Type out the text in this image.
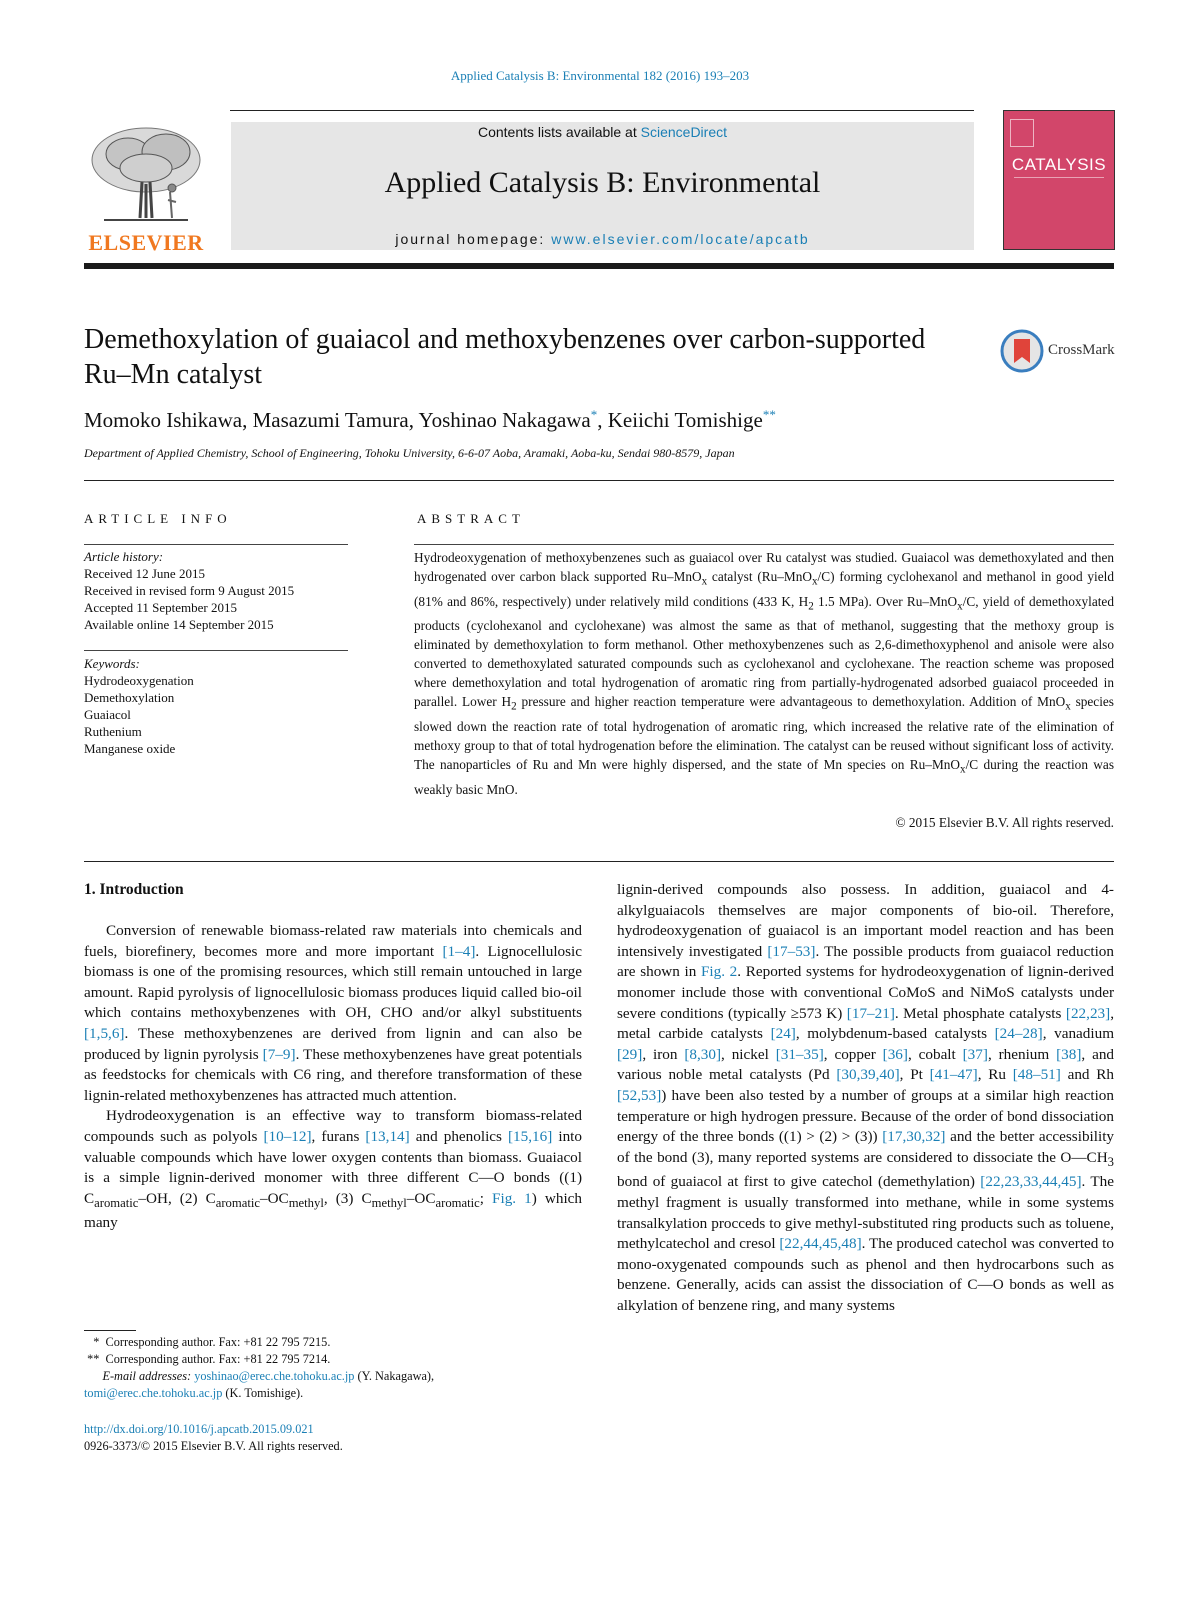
Applied Catalysis B: Environmental 182 (2016) 193–203
ELSEVIER
Contents lists available at ScienceDirect
Applied Catalysis B: Environmental
journal homepage: www.elsevier.com/locate/apcatb
CATALYSIS
Demethoxylation of guaiacol and methoxybenzenes over carbon-supported Ru–Mn catalyst
CrossMark
Momoko Ishikawa, Masazumi Tamura, Yoshinao Nakagawa*, Keiichi Tomishige**
Department of Applied Chemistry, School of Engineering, Tohoku University, 6-6-07 Aoba, Aramaki, Aoba-ku, Sendai 980-8579, Japan
ARTICLE INFO	ABSTRACT
Article history:
Received 12 June 2015
Received in revised form 9 August 2015
Accepted 11 September 2015
Available online 14 September 2015
Keywords:
Hydrodeoxygenation
Demethoxylation
Guaiacol
Ruthenium
Manganese oxide
Hydrodeoxygenation of methoxybenzenes such as guaiacol over Ru catalyst was studied. Guaiacol was demethoxylated and then hydrogenated over carbon black supported Ru–MnO$_x$ catalyst (Ru–MnO$_x$/C) forming cyclohexanol and methanol in good yield (81% and 86%, respectively) under relatively mild conditions (433 K, $H_2$ 1.5 MPa). Over Ru–MnO$_x$/C, yield of demethoxylated products (cyclohexanol and cyclohexane) was almost the same as that of methanol, suggesting that the methoxy group is eliminated by demethoxylation to form methanol. Other methoxybenzenes such as 2,6-dimethoxyphenol and anisole were also converted to demethoxylated saturated compounds such as cyclohexanol and cyclohexane. The reaction scheme was proposed where demethoxylation and total hydrogenation of aromatic ring from partially-hydrogenated adsorbed guaiacol proceeded in parallel. Lower $H_2$ pressure and higher reaction temperature were advantageous to demethoxylation. Addition of MnO$_x$ species slowed down the reaction rate of total hydrogenation of aromatic ring, which increased the relative rate of the elimination of methoxy group to that of total hydrogenation before the elimination. The catalyst can be reused without significant loss of activity. The nanoparticles of Ru and Mn were highly dispersed, and the state of Mn species on Ru–MnO$_x$/C during the reaction was weakly basic MnO.
© 2015 Elsevier B.V. All rights reserved.
1. Introduction

Conversion of renewable biomass-related raw materials into chemicals and fuels, biorefinery, becomes more and more important [1–4]. Lignocellulosic biomass is one of the promising resources, which still remain untouched in large amount. Rapid pyrolysis of lignocellulosic biomass produces liquid called bio-oil which contains methoxybenzenes with OH, CHO and/or alkyl substituents [1,5,6]. These methoxybenzenes are derived from lignin and can also be produced by lignin pyrolysis [7–9]. These methoxybenzenes have great potentials as feedstocks for chemicals with C6 ring, and therefore transformation of these lignin-related methoxybenzenes has attracted much attention.

Hydrodeoxygenation is an effective way to transform biomass-related compounds such as polyols [10–12], furans [13,14] and phenolics [15,16] into valuable compounds which have lower oxygen contents than biomass. Guaiacol is a simple lignin-derived monomer with three different C—O bonds ((1) $C_{aromatic}-OH$, (2) $C_{aromatic}-OC_{methyl}$, (3) $C_{methyl}-OC_{aromatic}$; Fig. 1) which many

lignin-derived compounds also possess. In addition, guaiacol and 4-alkylguaiacols themselves are major components of bio-oil. Therefore, hydrodeoxygenation of guaiacol is an important model reaction and has been intensively investigated [17–53]. The possible products from guaiacol reduction are shown in Fig. 2. Reported systems for hydrodeoxygenation of lignin-derived monomer include those with conventional CoMoS and NiMoS catalysts under severe conditions (typically ≥573 K) [17–21]. Metal phosphate catalysts [22,23], metal carbide catalysts [24], molybdenum-based catalysts [24–28], vanadium [29], iron [8,30], nickel [31–35], copper [36], cobalt [37], rhenium [38], and various noble metal catalysts (Pd [30,39,40], Pt [41–47], Ru [48–51] and Rh [52,53]) have been also tested by a number of groups at a similar high reaction temperature or high hydrogen pressure. Because of the order of bond dissociation energy of the three bonds ((1) > (2) > (3)) [17,30,32] and the better accessibility of the bond (3), many reported systems are considered to dissociate the $O—CH_3$ bond of guaiacol at first to give catechol (demethylation) [22,23,33,44,45]. The methyl fragment is usually transformed into methane, while in some systems transalkylation procceds to give methyl-substituted ring products such as toluene, methylcatechol and cresol [22,44,45,48]. The produced catechol was converted to mono-oxygenated compounds such as phenol and then hydrocarbons such as benzene. Generally, acids can assist the dissociation of C—O bonds as well as alkylation of benzene ring, and many systems

* Corresponding author. Fax: +81 22 795 7215.
** Corresponding author. Fax: +81 22 795 7214.
E-mail addresses: yoshinao@erec.che.tohoku.ac.jp (Y. Nakagawa),
tomi@erec.che.tohoku.ac.jp (K. Tomishige).
http://dx.doi.org/10.1016/j.apcatb.2015.09.021
0926-3373/© 2015 Elsevier B.V. All rights reserved.
